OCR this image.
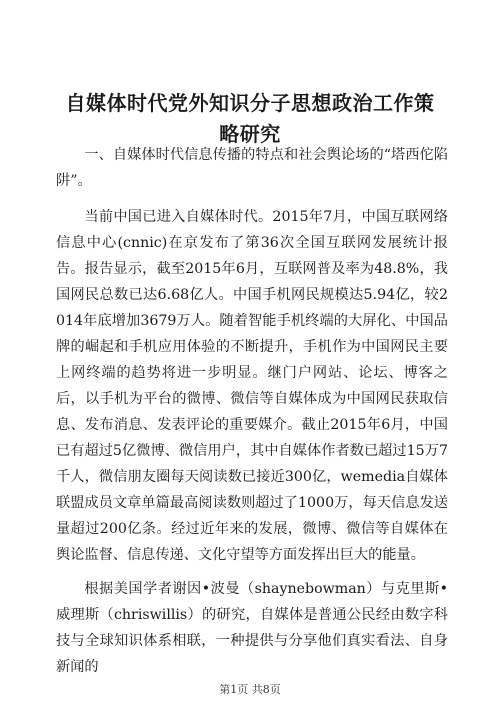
自媒体时代党外知识分子思想政治工作策略研究

一、自媒体时代信息传播的特点和社会舆论场的“塔西佗陷阱”。

当前中国已进入自媒体时代。2015年7月，中国互联网络信息中心(cnnic)在京发布了第36次全国互联网发展统计报告。报告显示，截至2015年6月，互联网普及率为48.8%，我国网民总数已达6.68亿人。中国手机网民规模达5.94亿，较2014年底增加3679万人。随着智能手机终端的大屏化、中国品牌的崛起和手机应用体验的不断提升，手机作为中国网民主要上网终端的趋势将进一步明显。继门户网站、论坛、博客之后，以手机为平台的微博、微信等自媒体成为中国网民获取信息、发布消息、发表评论的重要媒介。截止2015年6月，中国已有超过5亿微博、微信用户，其中自媒体作者数已超过15万7千人，微信朋友圈每天阅读数已接近300亿，wemedia自媒体联盟成员文章单篇最高阅读数则超过了1000万，每天信息发送量超过200亿条。经过近年来的发展，微博、微信等自媒体在舆论监督、信息传递、文化守望等方面发挥出巨大的能量。

根据美国学者谢因•波曼（shaynebowman）与克里斯•威理斯（chriswillis）的研究，自媒体是普通公民经由数字科技与全球知识体系相联，一种提供与分享他们真实看法、自身新闻的

第1页 共8页
